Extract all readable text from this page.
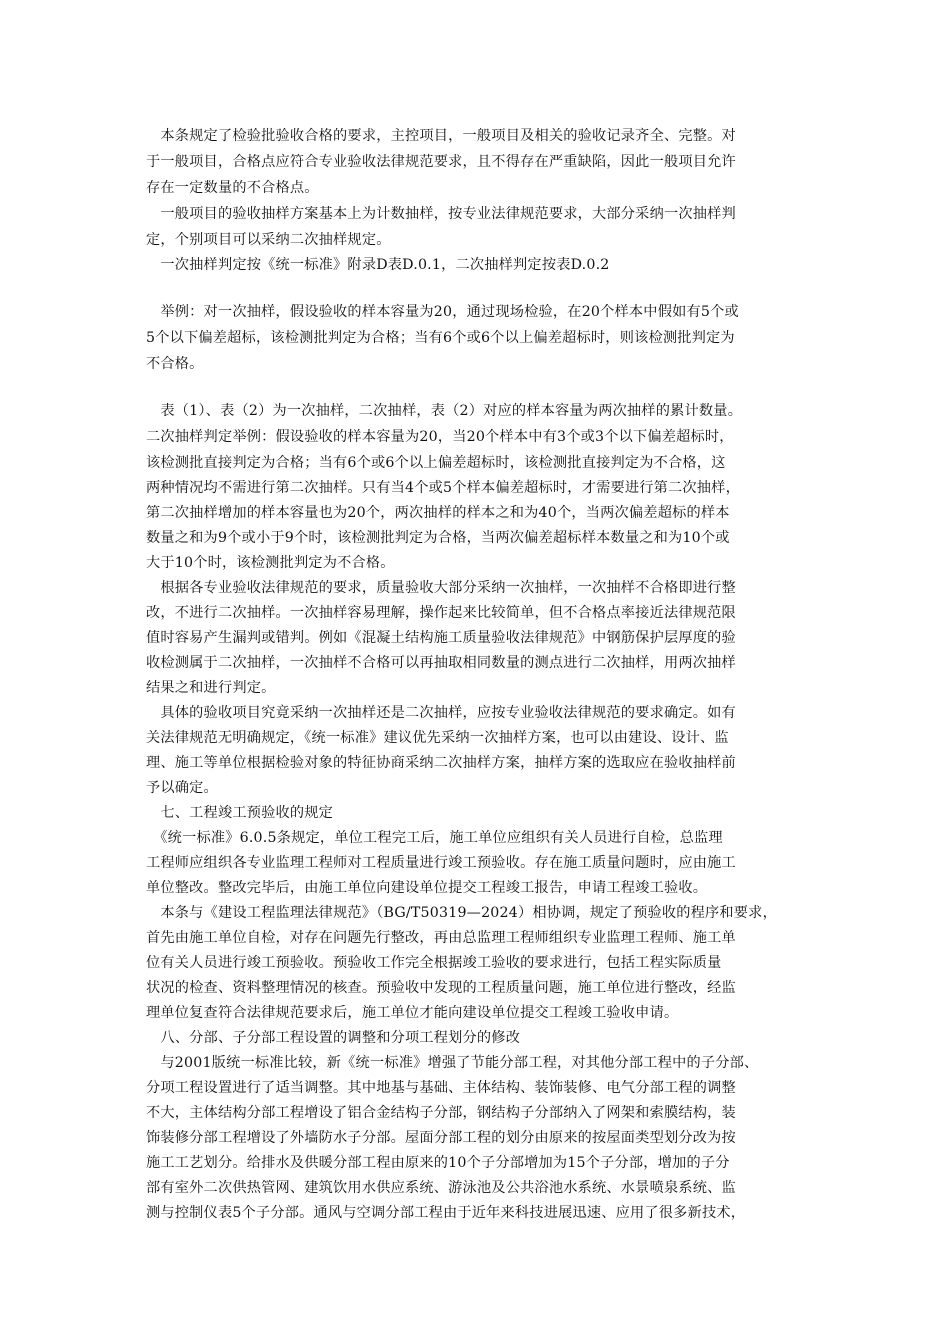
　本条规定了检验批验收合格的要求，主控项目，一般项目及相关的验收记录齐全、完整。对
于一般项目，合格点应符合专业验收法律规范要求，且不得存在严重缺陷，因此一般项目允许
存在一定数量的不合格点。
　一般项目的验收抽样方案基本上为计数抽样，按专业法律规范要求，大部分采纳一次抽样判
定，个别项目可以采纳二次抽样规定。
　一次抽样判定按《统一标准》附录D表D.0.1，二次抽样判定按表D.0.2
　举例：对一次抽样，假设验收的样本容量为20，通过现场检验，在20个样本中假如有5个或
5个以下偏差超标，该检测批判定为合格；当有6个或6个以上偏差超标时，则该检测批判定为
不合格。
　表（1）、表（2）为一次抽样，二次抽样，表（2）对应的样本容量为两次抽样的累计数量。
二次抽样判定举例：假设验收的样本容量为20，当20个样本中有3个或3个以下偏差超标时，
该检测批直接判定为合格；当有6个或6个以上偏差超标时，该检测批直接判定为不合格，这
两种情况均不需进行第二次抽样。只有当4个或5个样本偏差超标时，才需要进行第二次抽样，
第二次抽样增加的样本容量也为20个，两次抽样的样本之和为40个，当两次偏差超标的样本
数量之和为9个或小于9个时，该检测批判定为合格，当两次偏差超标样本数量之和为10个或
大于10个时，该检测批判定为不合格。
　根据各专业验收法律规范的要求，质量验收大部分采纳一次抽样，一次抽样不合格即进行整
改，不进行二次抽样。一次抽样容易理解，操作起来比较简单，但不合格点率接近法律规范限
值时容易产生漏判或错判。例如《混凝土结构施工质量验收法律规范》中钢筋保护层厚度的验
收检测属于二次抽样，一次抽样不合格可以再抽取相同数量的测点进行二次抽样，用两次抽样
结果之和进行判定。
　具体的验收项目究竟采纳一次抽样还是二次抽样，应按专业验收法律规范的要求确定。如有
关法律规范无明确规定，《统一标准》建议优先采纳一次抽样方案，也可以由建设、设计、监
理、施工等单位根据检验对象的特征协商采纳二次抽样方案，抽样方案的选取应在验收抽样前
予以确定。
　七、工程竣工预验收的规定
　《统一标准》6.0.5条规定，单位工程完工后，施工单位应组织有关人员进行自检，总监理
工程师应组织各专业监理工程师对工程质量进行竣工预验收。存在施工质量问题时，应由施工
单位整改。整改完毕后，由施工单位向建设单位提交工程竣工报告，申请工程竣工验收。
　本条与《建设工程监理法律规范》（BG/T50319—2024）相协调，规定了预验收的程序和要求，
首先由施工单位自检，对存在问题先行整改，再由总监理工程师组织专业监理工程师、施工单
位有关人员进行竣工预验收。预验收工作完全根据竣工验收的要求进行，包括工程实际质量
状况的检查、资料整理情况的核查。预验收中发现的工程质量问题，施工单位进行整改，经监
理单位复查符合法律规范要求后，施工单位才能向建设单位提交工程竣工验收申请。
　八、分部、子分部工程设置的调整和分项工程划分的修改
　与2001版统一标准比较，新《统一标准》增强了节能分部工程，对其他分部工程中的子分部、
分项工程设置进行了适当调整。其中地基与基础、主体结构、装饰装修、电气分部工程的调整
不大，主体结构分部工程增设了铝合金结构子分部，钢结构子分部纳入了网架和索膜结构，装
饰装修分部工程增设了外墙防水子分部。屋面分部工程的划分由原来的按屋面类型划分改为按
施工工艺划分。给排水及供暖分部工程由原来的10个子分部增加为15个子分部，增加的子分
部有室外二次供热管网、建筑饮用水供应系统、游泳池及公共浴池水系统、水景喷泉系统、监
测与控制仪表5个子分部。通风与空调分部工程由于近年来科技进展迅速、应用了很多新技术，
